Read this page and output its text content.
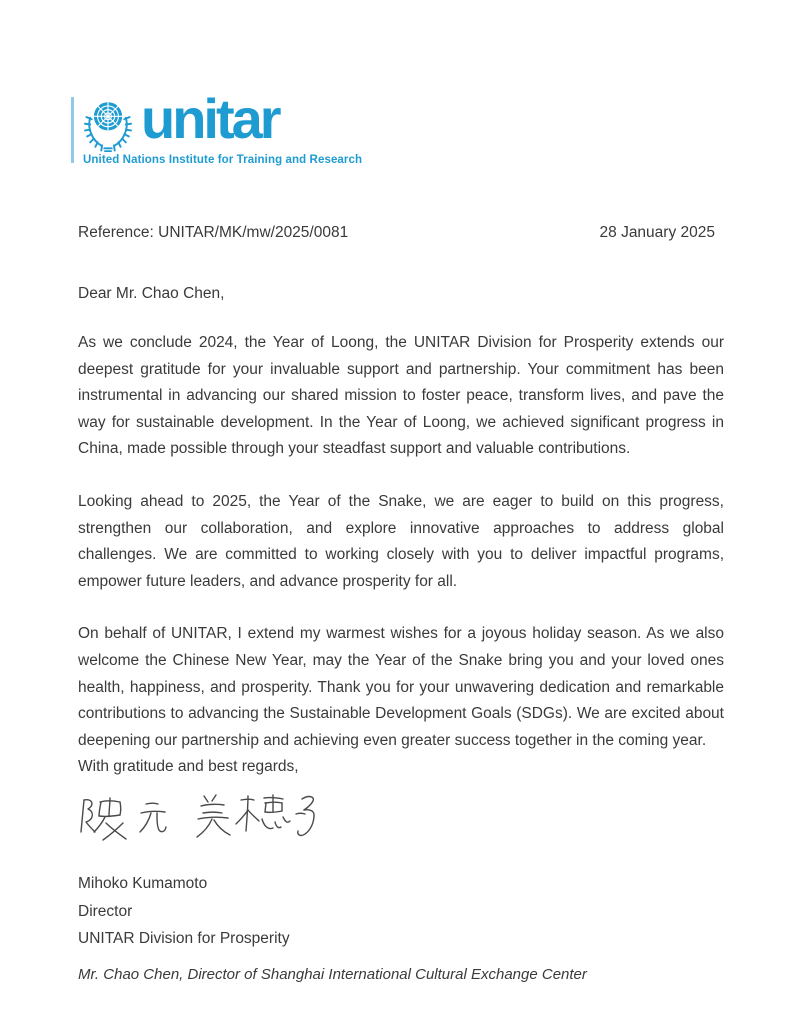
unitar
United Nations Institute for Training and Research
Reference: UNITAR/MK/mw/2025/0081	28 January 2025
Dear Mr. Chao Chen,

As we conclude 2024, the Year of Loong, the UNITAR Division for Prosperity extends our deepest gratitude for your invaluable support and partnership. Your commitment has been instrumental in advancing our shared mission to foster peace, transform lives, and pave the way for sustainable development. In the Year of Loong, we achieved significant progress in China, made possible through your steadfast support and valuable contributions.

Looking ahead to 2025, the Year of the Snake, we are eager to build on this progress, strengthen our collaboration, and explore innovative approaches to address global challenges. We are committed to working closely with you to deliver impactful programs, empower future leaders, and advance prosperity for all.

On behalf of UNITAR, I extend my warmest wishes for a joyous holiday season. As we also welcome the Chinese New Year, may the Year of the Snake bring you and your loved ones health, happiness, and prosperity. Thank you for your unwavering dedication and remarkable contributions to advancing the Sustainable Development Goals (SDGs). We are excited about deepening our partnership and achieving even greater success together in the coming year.

With gratitude and best regards,
Mihoko Kumamoto
Director
UNITAR Division for Prosperity
Mr. Chao Chen, Director of Shanghai International Cultural Exchange Center
